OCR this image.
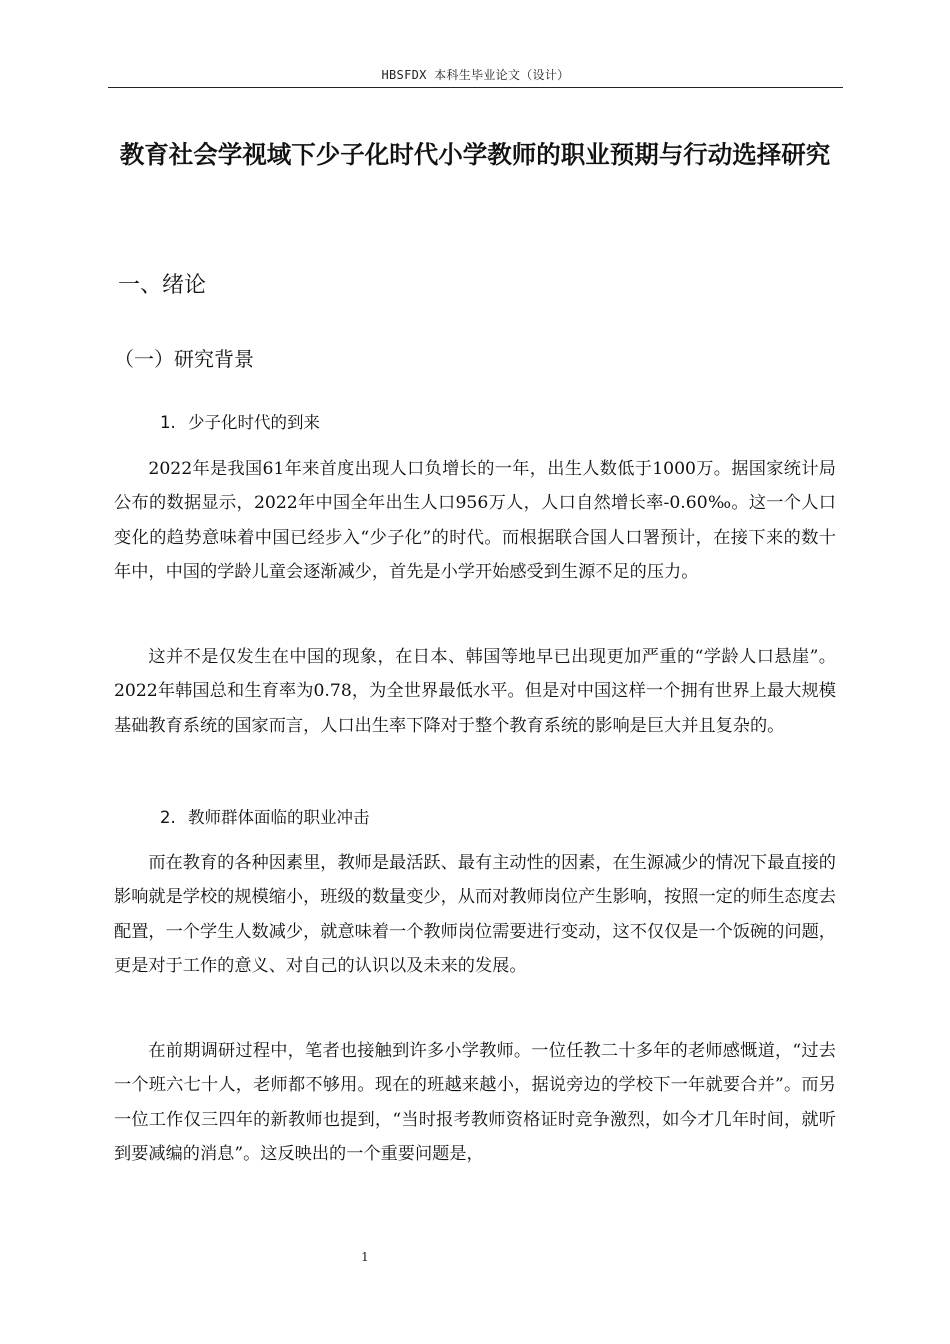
HBSFDX 本科生毕业论文（设计）
教育社会学视域下少子化时代小学教师的职业预期与行动选择研究
一、绪论
（一）研究背景
1. 少子化时代的到来

2022年是我国61年来首度出现人口负增长的一年，出生人数低于1000万。据国家统计局公布的数据显示，2022年中国全年出生人口956万人，人口自然增长率-0.60‰。这一个人口变化的趋势意味着中国已经步入“少子化”的时代。而根据联合国人口署预计，在接下来的数十年中，中国的学龄儿童会逐渐减少，首先是小学开始感受到生源不足的压力。

这并不是仅发生在中国的现象，在日本、韩国等地早已出现更加严重的“学龄人口悬崖”。2022年韩国总和生育率为0.78，为全世界最低水平。但是对中国这样一个拥有世界上最大规模基础教育系统的国家而言，人口出生率下降对于整个教育系统的影响是巨大并且复杂的。

2. 教师群体面临的职业冲击

而在教育的各种因素里，教师是最活跃、最有主动性的因素，在生源减少的情况下最直接的影响就是学校的规模缩小，班级的数量变少，从而对教师岗位产生影响，按照一定的师生态度去配置，一个学生人数减少，就意味着一个教师岗位需要进行变动，这不仅仅是一个饭碗的问题，更是对于工作的意义、对自己的认识以及未来的发展。

在前期调研过程中，笔者也接触到许多小学教师。一位任教二十多年的老师感慨道，“过去一个班六七十人，老师都不够用。现在的班越来越小，据说旁边的学校下一年就要合并”。而另一位工作仅三四年的新教师也提到，“当时报考教师资格证时竞争激烈，如今才几年时间，就听到要减编的消息”。这反映出的一个重要问题是，

1
